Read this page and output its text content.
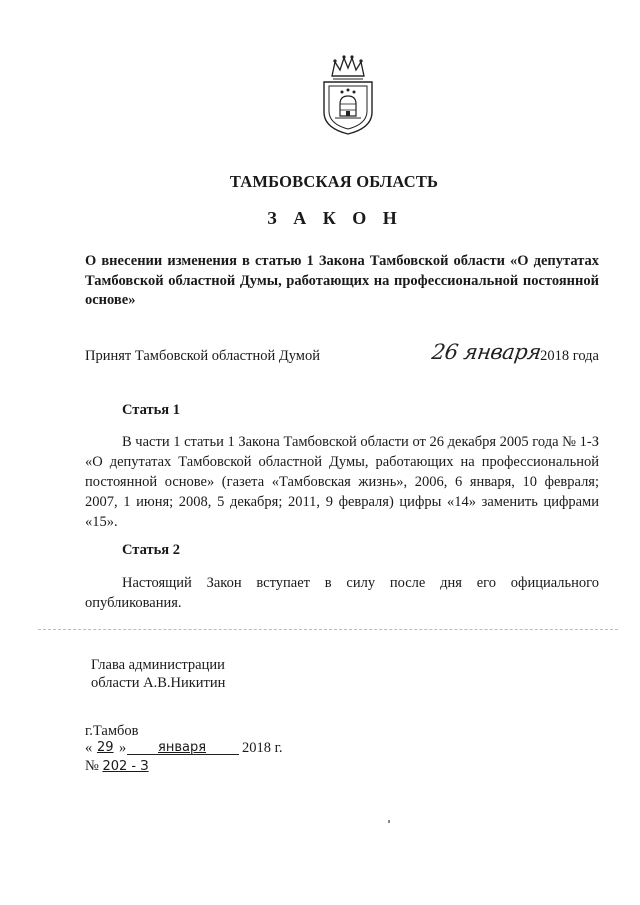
ТАМБОВСКАЯ ОБЛАСТЬ
З А К О Н
О внесении изменения в статью 1 Закона Тамбовской области «О депутатах Тамбовской областной Думы, работающих на профессиональной постоянной основе»
Принят Тамбовской областной Думой	26 января
2018 года
Статья 1
В части 1 статьи 1 Закона Тамбовской области от 26 декабря 2005 года № 1-З «О депутатах Тамбовской областной Думы, работающих на профессиональной постоянной основе» (газета «Тамбовская жизнь», 2006, 6 января, 10 февраля; 2007, 1 июня; 2008, 5 декабря; 2011, 9 февраля) цифры «14» заменить цифрами «15».
Статья 2
Настоящий Закон вступает в силу после дня его официального опубликования.
Глава администрации
области А.В.Никитин
г.Тамбов
« 29 » января 2018 г.
№ 202 - З
